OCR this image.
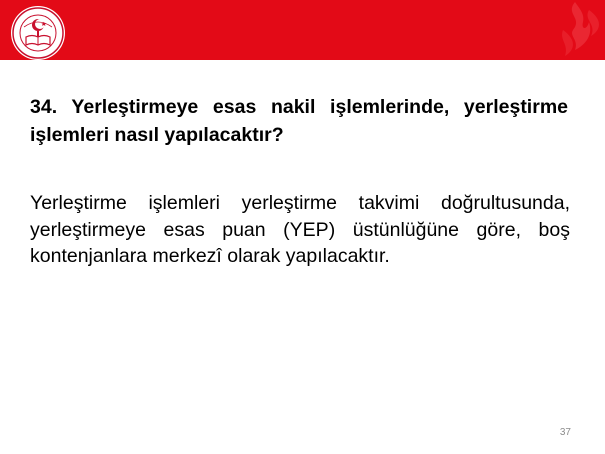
34. Yerleştirmeye esas nakil işlemlerinde, yerleştirme işlemleri nasıl yapılacaktır?

Yerleştirme işlemleri yerleştirme takvimi doğrultusunda, yerleştirmeye esas puan (YEP) üstünlüğüne göre, boş kontenjanlara merkezî olarak yapılacaktır.

37
